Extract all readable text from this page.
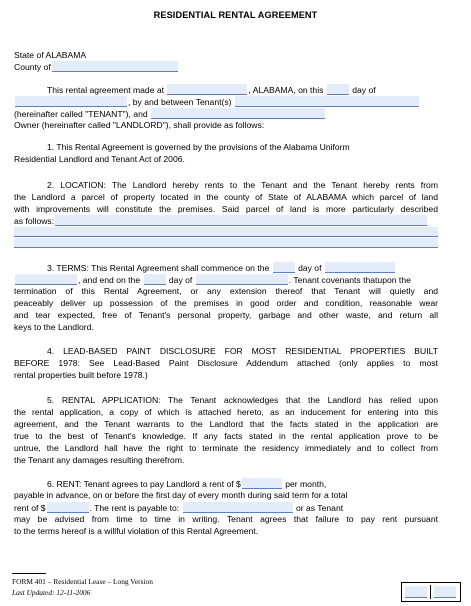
RESIDENTIAL RENTAL AGREEMENT
State of ALABAMA
County of
This rental agreement made at	, ALABAMA, on this	day of
, by and between Tenant(s)
(hereinafter called "TENANT"), and
Owner (hereinafter called "LANDLORD"), shall provide as follows:
1. This Rental Agreement is governed by the provisions of the Alabama Uniform
Residential Landlord and Tenant Act of 2006.
2. LOCATION: The Landlord hereby rents to the Tenant and the Tenant hereby rents from
the Landlord a parcel of property located in the county of State of ALABAMA which parcel of land
with improvements will constitute the premises. Said parcel of land is more particularly described
as follows:
3. TERMS: This Rental Agreement shall commence on the	day of
, and end on the	day of	. Tenant covenants thatupon the
termination of this Rental Agreement, or any extension thereof that Tenant will quietly and
peaceably deliver up possession of the premises in good order and condition, reasonable wear
and tear expected, free of Tenant's personal property, garbage and other waste, and return all
keys to the Landlord.
4. LEAD-BASED PAINT DISCLOSURE FOR MOST RESIDENTIAL PROPERTIES BUILT
BEFORE 1978: See Lead-Based Paint Disclosure Addendum attached (only applies to most
rental properties built before 1978.)
5. RENTAL APPLICATION: The Tenant acknowledges that the Landlord has relied upon
the rental application, a copy of which is attached hereto, as an inducement for entering into this
agreement, and the Tenant warrants to the Landlord that the facts stated in the application are
true to the best of Tenant's knowledge. If any facts stated in the rental application prove to be
untrue, the Landlord hall have the right to terminate the residency immediately and to collect from
the Tenant any damages resulting therefrom.
6. RENT: Tenant agrees to pay Landlord a rent of $	per month,
payable in advance, on or before the first day of every month during said term for a total
rent of $	. The rent is payable to:	or as Tenant
may be advised from time to time in writing. Tenant agrees that failure to pay rent pursuant
to the terms hereof is a willful violation of this Rental Agreement.
FORM 401 – Residential Lease – Long Version
Last Updated: 12-11-2006
